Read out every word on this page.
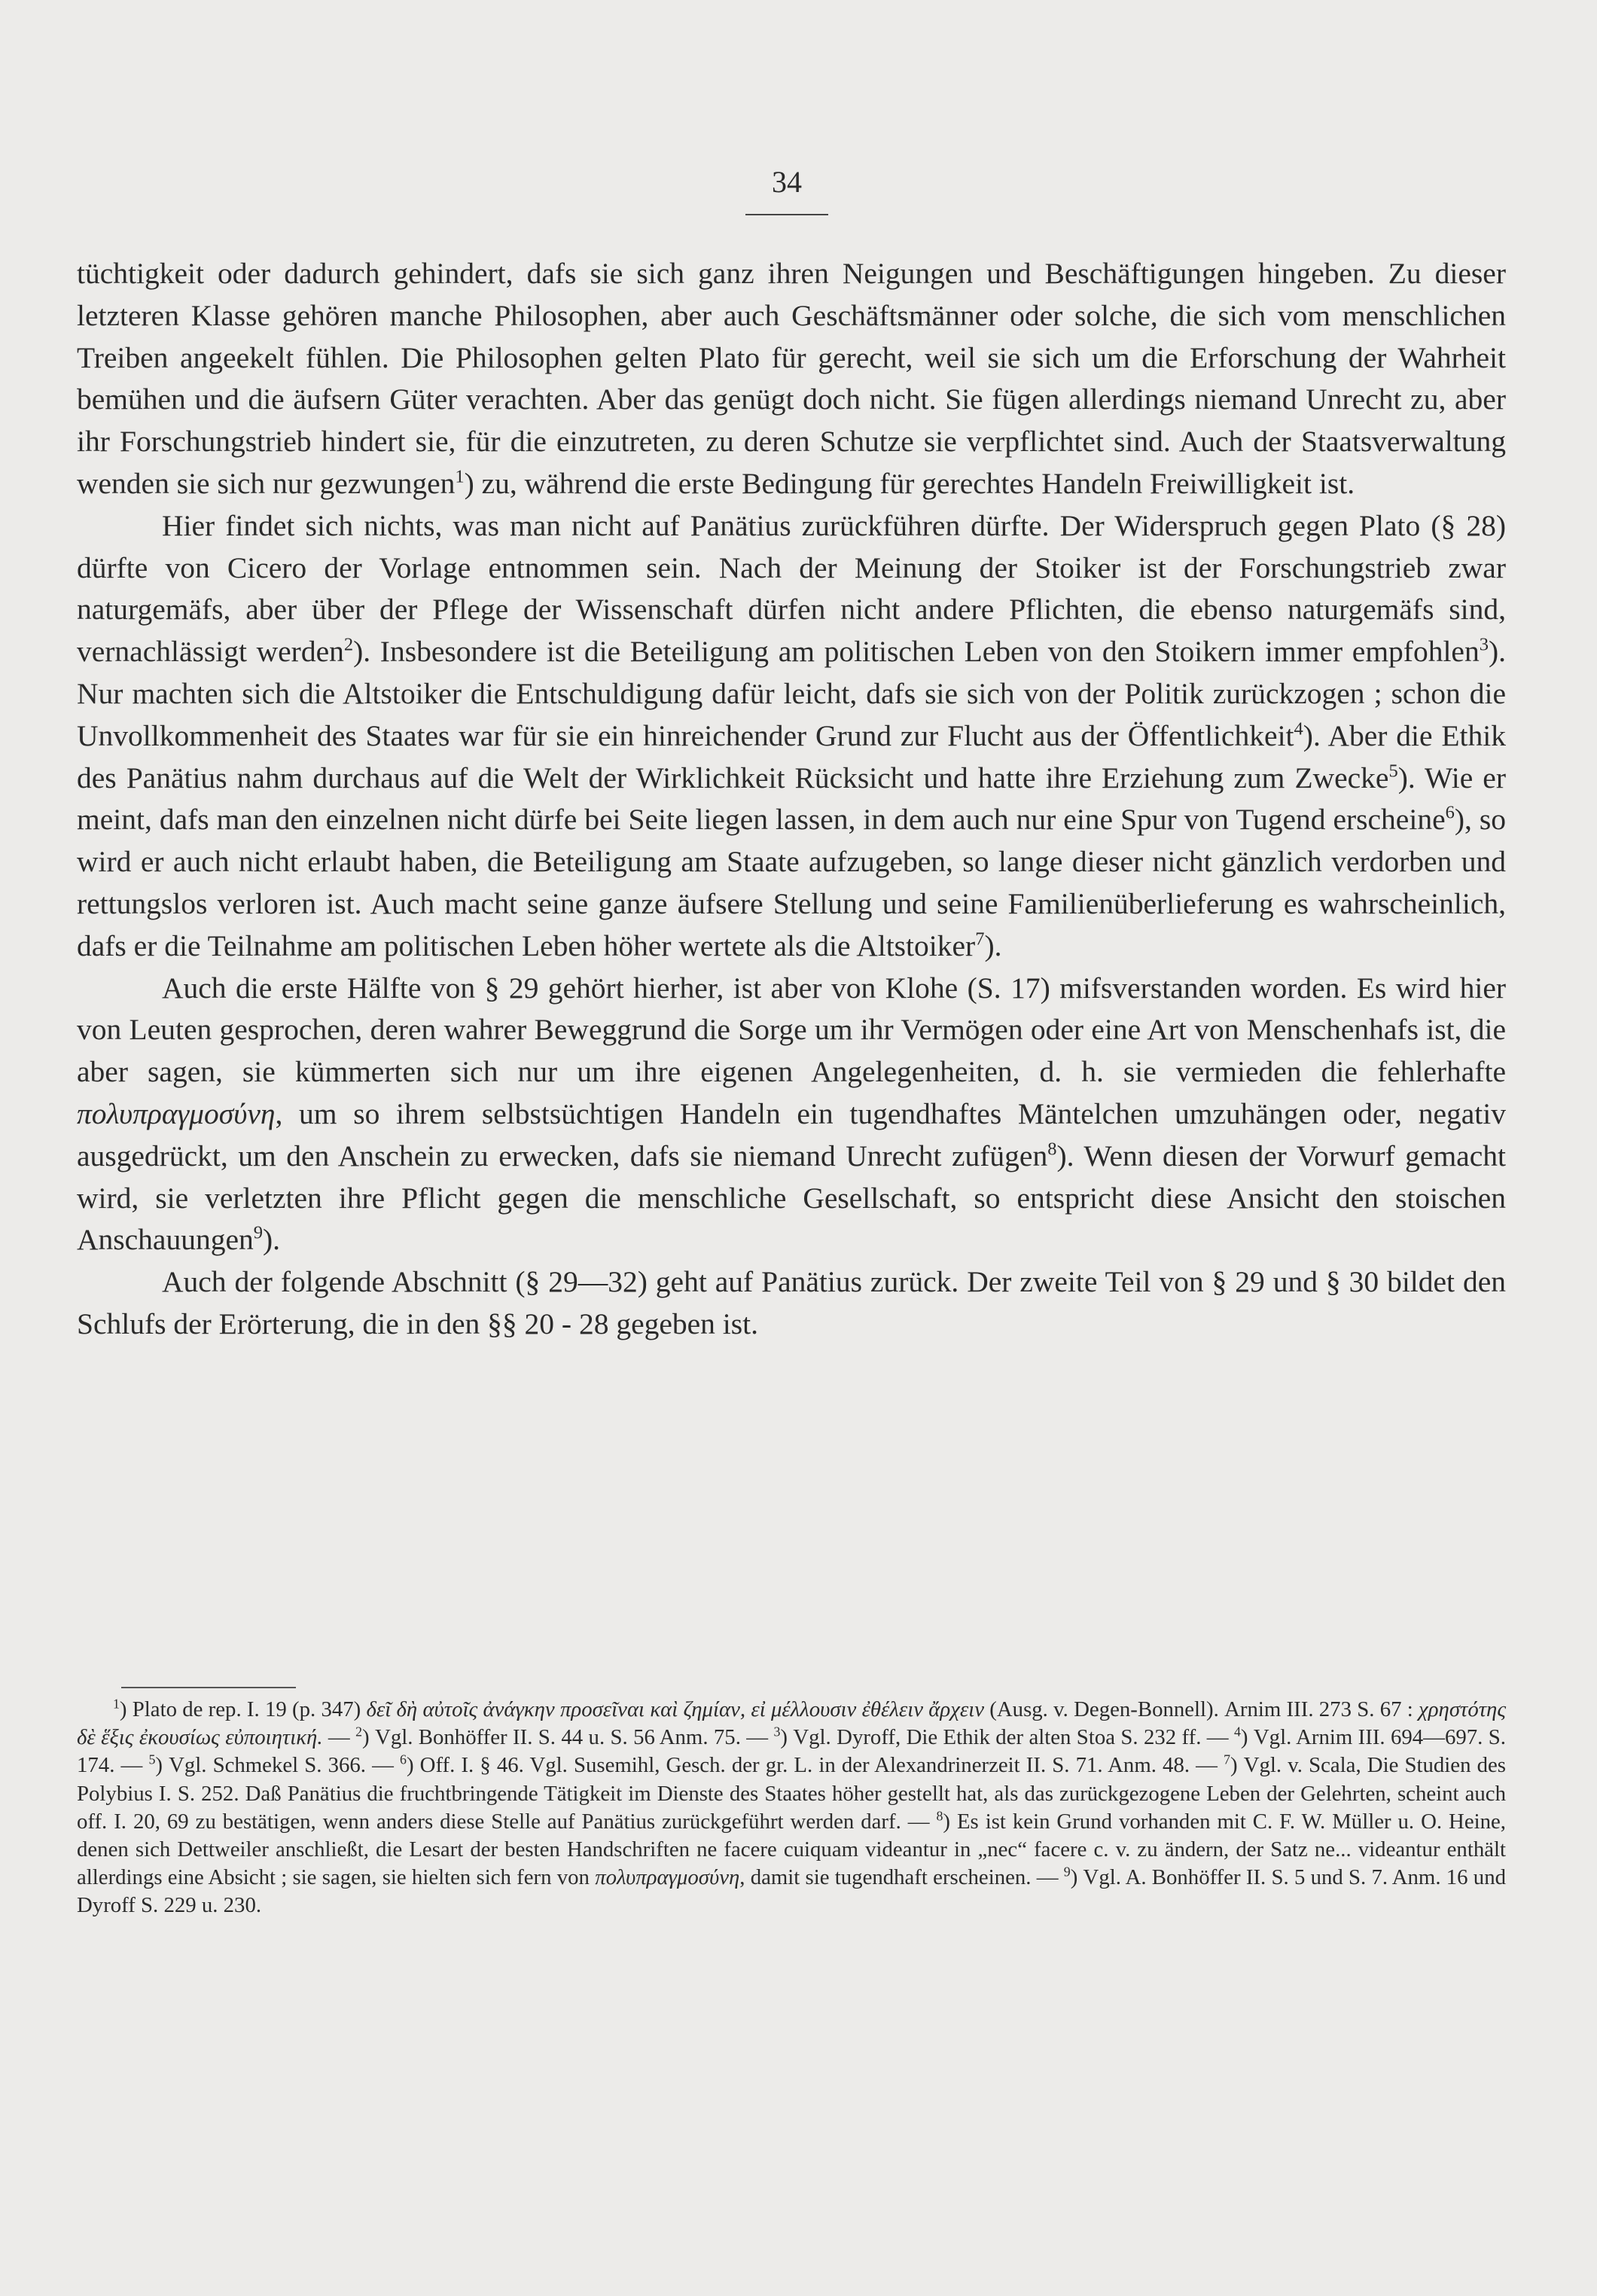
34

tüchtigkeit oder dadurch gehindert, dafs sie sich ganz ihren Neigungen und Beschäftigungen hingeben. Zu dieser letzteren Klasse gehören manche Philosophen, aber auch Geschäftsmänner oder solche, die sich vom menschlichen Treiben angeekelt fühlen. Die Philosophen gelten Plato für gerecht, weil sie sich um die Erforschung der Wahrheit bemühen und die äufsern Güter verachten. Aber das genügt doch nicht. Sie fügen allerdings niemand Unrecht zu, aber ihr Forschungstrieb hindert sie, für die einzutreten, zu deren Schutze sie verpflichtet sind. Auch der Staatsverwaltung wenden sie sich nur gezwungen$^1$) zu, während die erste Bedingung für gerechtes Handeln Freiwilligkeit ist.

Hier findet sich nichts, was man nicht auf Panätius zurückführen dürfte. Der Widerspruch gegen Plato (§ 28) dürfte von Cicero der Vorlage entnommen sein. Nach der Meinung der Stoiker ist der Forschungstrieb zwar naturgemäfs, aber über der Pflege der Wissenschaft dürfen nicht andere Pflichten, die ebenso naturgemäfs sind, vernachlässigt werden$^2$). Insbesondere ist die Beteiligung am politischen Leben von den Stoikern immer empfohlen$^3$). Nur machten sich die Altstoiker die Entschuldigung dafür leicht, dafs sie sich von der Politik zurückzogen ; schon die Unvollkommenheit des Staates war für sie ein hinreichender Grund zur Flucht aus der Öffentlichkeit$^4$). Aber die Ethik des Panätius nahm durchaus auf die Welt der Wirklichkeit Rücksicht und hatte ihre Erziehung zum Zwecke$^5$). Wie er meint, dafs man den einzelnen nicht dürfe bei Seite liegen lassen, in dem auch nur eine Spur von Tugend erscheine$^6$), so wird er auch nicht erlaubt haben, die Beteiligung am Staate aufzugeben, so lange dieser nicht gänzlich verdorben und rettungslos verloren ist. Auch macht seine ganze äufsere Stellung und seine Familienüberlieferung es wahrscheinlich, dafs er die Teilnahme am politischen Leben höher wertete als die Altstoiker$^7$).

Auch die erste Hälfte von § 29 gehört hierher, ist aber von Klohe (S. 17) mifsverstanden worden. Es wird hier von Leuten gesprochen, deren wahrer Beweggrund die Sorge um ihr Vermögen oder eine Art von Menschenhafs ist, die aber sagen, sie kümmerten sich nur um ihre eigenen Angelegenheiten, d. h. sie vermieden die fehlerhafte πολυπραγμοσύνη, um so ihrem selbstsüchtigen Handeln ein tugendhaftes Mäntelchen umzuhängen oder, negativ ausgedrückt, um den Anschein zu erwecken, dafs sie niemand Unrecht zufügen$^8$). Wenn diesen der Vorwurf gemacht wird, sie verletzten ihre Pflicht gegen die menschliche Gesellschaft, so entspricht diese Ansicht den stoischen Anschauungen$^9$).

Auch der folgende Abschnitt (§ 29—32) geht auf Panätius zurück. Der zweite Teil von § 29 und § 30 bildet den Schlufs der Erörterung, die in den §§ 20 - 28 gegeben ist.

$^1$) Plato de rep. I. 19 (p. 347) δεῖ δὴ αὐτοῖς ἀνάγκην προσεῖναι καὶ ζημίαν, εἰ μέλλουσιν ἐθέλειν ἄρχειν (Ausg. v. Degen-Bonnell). Arnim III. 273 S. 67 : χρηστότης δὲ ἕξις ἐκουσίως εὐποιητική. — $^2$) Vgl. Bonhöffer II. S. 44 u. S. 56 Anm. 75. — $^3$) Vgl. Dyroff, Die Ethik der alten Stoa S. 232 ff. — $^4$) Vgl. Arnim III. 694—697. S. 174. — $^5$) Vgl. Schmekel S. 366. — $^6$) Off. I. § 46. Vgl. Susemihl, Gesch. der gr. L. in der Alexandrinerzeit II. S. 71. Anm. 48. — $^7$) Vgl. v. Scala, Die Studien des Polybius I. S. 252. Daß Panätius die fruchtbringende Tätigkeit im Dienste des Staates höher gestellt hat, als das zurückgezogene Leben der Gelehrten, scheint auch off. I. 20, 69 zu bestätigen, wenn anders diese Stelle auf Panätius zurückgeführt werden darf. — $^8$) Es ist kein Grund vorhanden mit C. F. W. Müller u. O. Heine, denen sich Dettweiler anschließt, die Lesart der besten Handschriften ne facere cuiquam videantur in „nec“ facere c. v. zu ändern, der Satz ne... videantur enthält allerdings eine Absicht ; sie sagen, sie hielten sich fern von πολυπραγμοσύνη, damit sie tugendhaft erscheinen. — $^9$) Vgl. A. Bonhöffer II. S. 5 und S. 7. Anm. 16 und Dyroff S. 229 u. 230.
